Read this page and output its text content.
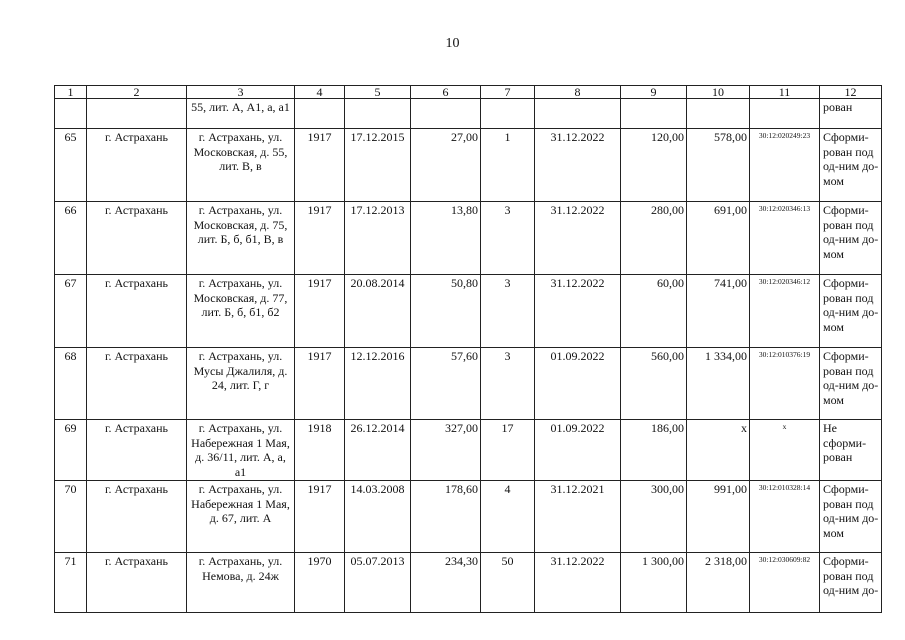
10
1	2	3	4	5	6	7	8	9	10	11	12
		55, лит. А, А1, а, а1									рован
65	г. Астрахань	г. Астрахань, ул. Московская, д. 55, лит. В, в	1917	17.12.2015	27,00	1	31.12.2022	120,00	578,00	30:12:020249:23	Сформи-рован под од-ним до-мом
66	г. Астрахань	г. Астрахань, ул. Московская, д. 75, лит. Б, б, б1, В, в	1917	17.12.2013	13,80	3	31.12.2022	280,00	691,00	30:12:020346:13	Сформи-рован под од-ним до-мом
67	г. Астрахань	г. Астрахань, ул. Московская, д. 77, лит. Б, б, б1, б2	1917	20.08.2014	50,80	3	31.12.2022	60,00	741,00	30:12:020346:12	Сформи-рован под од-ним до-мом
68	г. Астрахань	г. Астрахань, ул. Мусы Джалиля, д. 24, лит. Г, г	1917	12.12.2016	57,60	3	01.09.2022	560,00	1 334,00	30:12:010376:19	Сформи-рован под од-ним до-мом
69	г. Астрахань	г. Астрахань, ул. Набережная 1 Мая, д. 36/11, лит. А, а, а1	1918	26.12.2014	327,00	17	01.09.2022	186,00	х	х	Не сформи-рован
70	г. Астрахань	г. Астрахань, ул. Набережная 1 Мая, д. 67, лит. А	1917	14.03.2008	178,60	4	31.12.2021	300,00	991,00	30:12:010328:14	Сформи-рован под од-ним до-мом
71	г. Астрахань	г. Астрахань, ул. Немова, д. 24ж	1970	05.07.2013	234,30	50	31.12.2022	1 300,00	2 318,00	30:12:030609:82	Сформи-рован под од-ним до-
